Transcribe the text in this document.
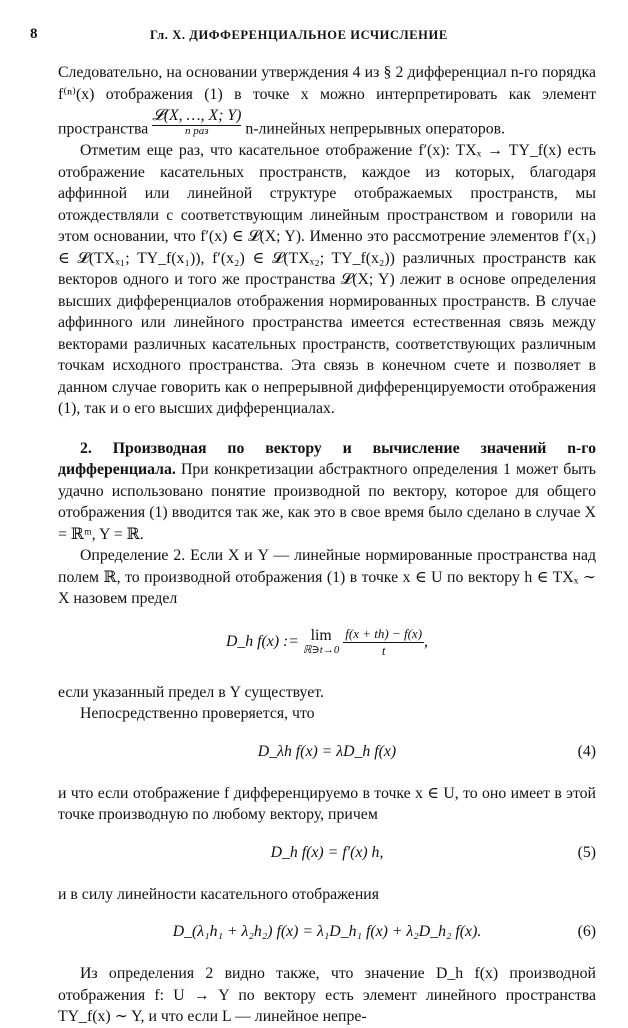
8	Гл. X. ДИФФЕРЕНЦИАЛЬНОЕ ИСЧИСЛЕНИЕ

Следовательно, на основании утверждения 4 из § 2 дифференциал n-го порядка f⁽ⁿ⁾(x) отображения (1) в точке x можно интерпретировать как элемент пространства 𝓛(X, …, X; Y)
n раз	n-линейных непрерывных операторов.

Отметим еще раз, что касательное отображение f′(x): TXₓ → TY_f(x) есть отображение касательных пространств, каждое из которых, благодаря аффинной или линейной структуре отображаемых пространств, мы отождествляли с соответствующим линейным пространством и говорили на этом основании, что f′(x) ∈ 𝓛(X; Y). Именно это рассмотрение элементов f′(x₁) ∈ 𝓛(TXₓ₁; TY_f(x₁)), f′(x₂) ∈ 𝓛(TXₓ₂; TY_f(x₂)) различных пространств как векторов одного и того же пространства 𝓛(X; Y) лежит в основе определения высших дифференциалов отображения нормированных пространств. В случае аффинного или линейного пространства имеется естественная связь между векторами различных касательных пространств, соответствующих различным точкам исходного пространства. Эта связь в конечном счете и позволяет в данном случае говорить как о непрерывной дифференцируемости отображения (1), так и о его высших дифференциалах.

2. Производная по вектору и вычисление значений n-го дифференциала. При конкретизации абстрактного определения 1 может быть удачно использовано понятие производной по вектору, которое для общего отображения (1) вводится так же, как это в свое время было сделано в случае X = ℝᵐ, Y = ℝ.

Определение 2. Если X и Y — линейные нормированные пространства над полем ℝ, то производной отображения (1) в точке x ∈ U по вектору h ∈ TXₓ ∼ X назовем предел

D_h f(x) := lim
ℝ∋t→0
$\frac{f(x + th) - f(x)}{t}$ ,

если указанный предел в Y существует.

Непосредственно проверяется, что

D_λh f(x) = λD_h f(x)	(4)

и что если отображение f дифференцируемо в точке x ∈ U, то оно имеет в этой точке производную по любому вектору, причем

D_h f(x) = f′(x) h,	(5)

и в силу линейности касательного отображения

D_(λ₁h₁ + λ₂h₂) f(x) = λ₁D_h₁ f(x) + λ₂D_h₂ f(x).	(6)

Из определения 2 видно также, что значение D_h f(x) производной отображения f: U → Y по вектору есть элемент линейного пространства TY_f(x) ∼ Y, и что если L — линейное непре-
